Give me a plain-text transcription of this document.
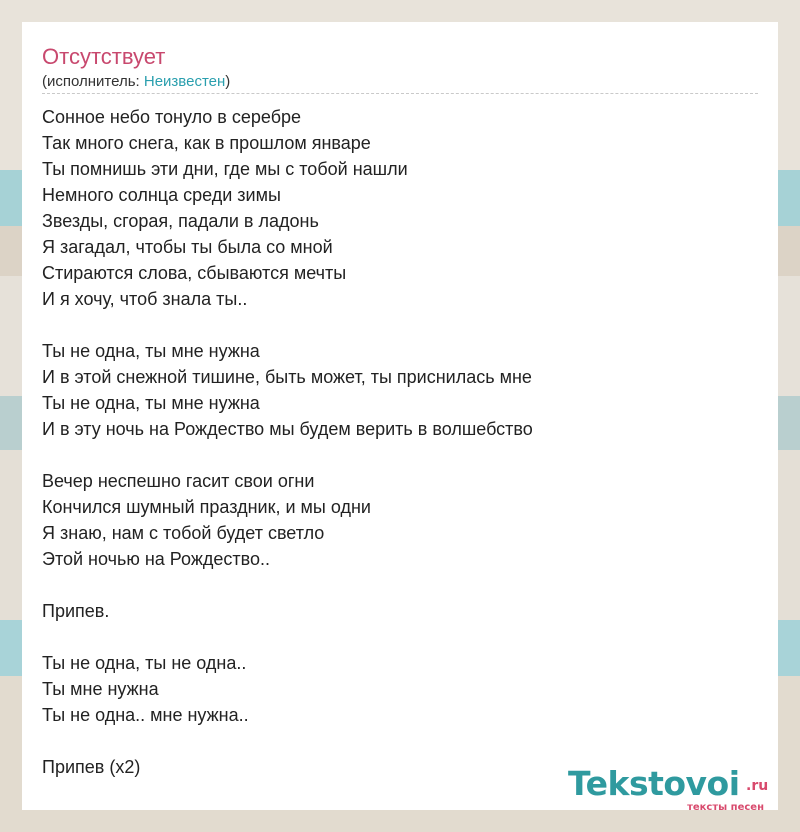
Отсутствует
(исполнитель: Неизвестен)
Сонное небо тонуло в серебре
Так много снега, как в прошлом январе
Ты помнишь эти дни, где мы с тобой нашли
Немного солнца среди зимы
Звезды, сгорая, падали в ладонь
Я загадал, чтобы ты была со мной
Стираются слова, сбываются мечты
И я хочу, чтоб знала ты..
Ты не одна, ты мне нужна
И в этой снежной тишине, быть может, ты приснилась мне
Ты не одна, ты мне нужна
И в эту ночь на Рождество мы будем верить в волшебство
Вечер неспешно гасит свои огни
Кончился шумный праздник, и мы одни
Я знаю, нам с тобой будет светло
Этой ночью на Рождество..
Припев.
Ты не одна, ты не одна..
Ты мне нужна
Ты не одна.. мне нужна..
Припев (x2)	Tekstovoi .ru
тексты песен
